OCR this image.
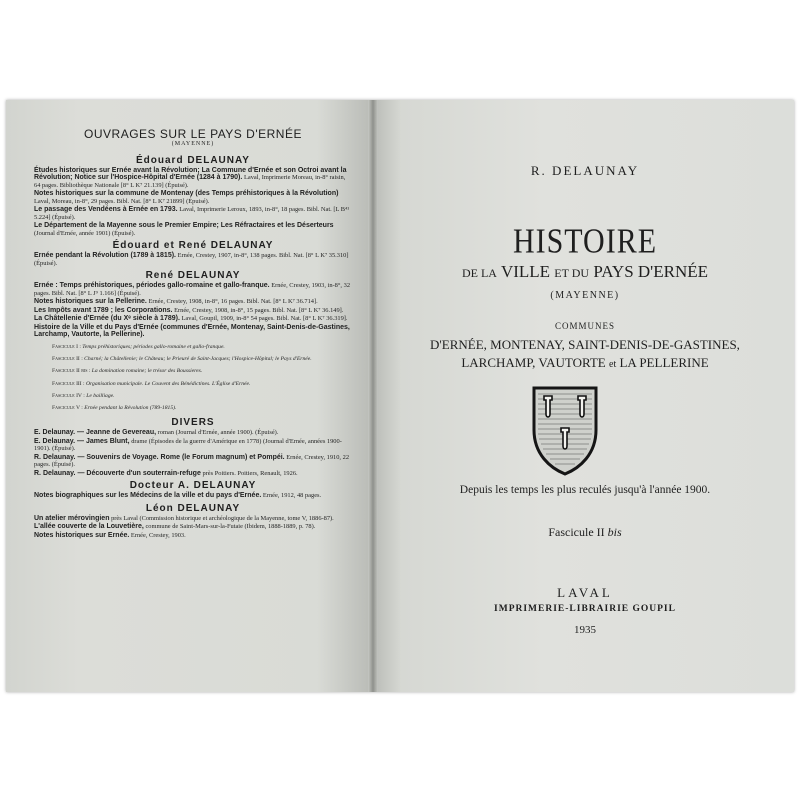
OUVRAGES SUR LE PAYS D'ERNÉE

(MAYENNE)

Édouard DELAUNAY

Études historiques sur Ernée avant la Révolution; La Commune d'Ernée et son Octroi avant la Révolution; Notice sur l'Hospice-Hôpital d'Ernée (1284 à 1790). Laval, Imprimerie Moreau, in-8° raisin, 64 pages. Bibliothèque Nationale [8° L K⁷ 21.139] (Épuisé).

Notes historiques sur la commune de Montenay (des Temps préhistoriques à la Révolution) Laval, Moreau, in-8°, 29 pages. Bibl. Nat. [8° L K⁷ 21899] (Épuisé).

Le passage des Vendéens à Ernée en 1793. Laval, Imprimerie Leroux, 1893, in-8°, 18 pages. Bibl. Nat. [L B⁴¹ 5.224] (Épuisé).

Le Département de la Mayenne sous le Premier Empire; Les Réfractaires et les Déserteurs (Journal d'Ernée, année 1901) (Épuisé).

Édouard et René DELAUNAY

Ernée pendant la Révolution (1789 à 1815). Ernée, Crestey, 1907, in-8°, 138 pages. Bibl. Nat. [8° L K⁷ 35.310] (Épuisé).

René DELAUNAY

Ernée : Temps préhistoriques, périodes gallo-romaine et gallo-franque. Ernée, Crestey, 1903, in-8°, 32 pages. Bibl. Nat. [8° L J⁹ 1.166] (Épuisé).

Notes historiques sur la Pellerine. Ernée, Crestey, 1908, in-8°, 16 pages. Bibl. Nat. [8° L K⁷ 36.714].

Les Impôts avant 1789 ; les Corporations. Ernée, Crestey, 1908, in-8°, 15 pages. Bibl. Nat. [8° L K⁷ 36.149].

La Châtellenie d'Ernée (du Xᵉ siècle à 1789). Laval, Goupil, 1909, in-8° 54 pages. Bibl. Nat. [8° L K⁷ 36.319].

Histoire de la Ville et du Pays d'Ernée (communes d'Ernée, Montenay, Saint-Denis-de-Gastines, Larchamp, Vautorte, la Pellerine).

Fascicule I : Temps préhistoriques; périodes gallo-romaine et gallo-franque.

Fascicule II : Charné; la Châtellenie; le Château; le Prieuré de Saint-Jacques; l'Hospice-Hôpital; le Pays d'Ernée.

Fascicule II bis : La domination romaine; le trésor des Boussieres.

Fascicule III : Organisation municipale. Le Couvent des Bénédictines. L'Église d'Ernée.

Fascicule IV : Le bailliage.

Fascicule V : Ernée pendant la Révolution (789-1815).

DIVERS

E. Delaunay. — Jeanne de Gevereau, roman (Journal d'Ernée, année 1900). (Épuisé).

E. Delaunay. — James Blunt, drame (Épisodes de la guerre d'Amérique en 1778) (Journal d'Ernée, années 1900-1901). (Épuisé).

R. Delaunay. — Souvenirs de Voyage. Rome (le Forum magnum) et Pompéi. Ernée, Crestey, 1910, 22 pages. (Épuisé).

R. Delaunay. — Découverte d'un souterrain-refuge près Poitiers. Poitiers, Renault, 1926.

Docteur A. DELAUNAY

Notes biographiques sur les Médecins de la ville et du pays d'Ernée. Ernée, 1912, 48 pages.

Léon DELAUNAY

Un atelier mérovingien près Laval (Commission historique et archéologique de la Mayenne, tome V, 1886-87).

L'allée couverte de la Louvetière, commune de Saint-Mars-sur-la-Futaie (Ibidem, 1888-1889, p. 78).

Notes historiques sur Ernée. Ernée, Crestey, 1903.

R. DELAUNAY
HISTOIRE
DE LA VILLE ET DU PAYS D'ERNÉE
(MAYENNE)
COMMUNES
D'ERNÉE, MONTENAY, SAINT-DENIS-DE-GASTINES,
LARCHAMP, VAUTORTE et LA PELLERINE
Depuis les temps les plus reculés jusqu'à l'année 1900.
Fascicule II bis
LAVAL
IMPRIMERIE-LIBRAIRIE GOUPIL
1935
